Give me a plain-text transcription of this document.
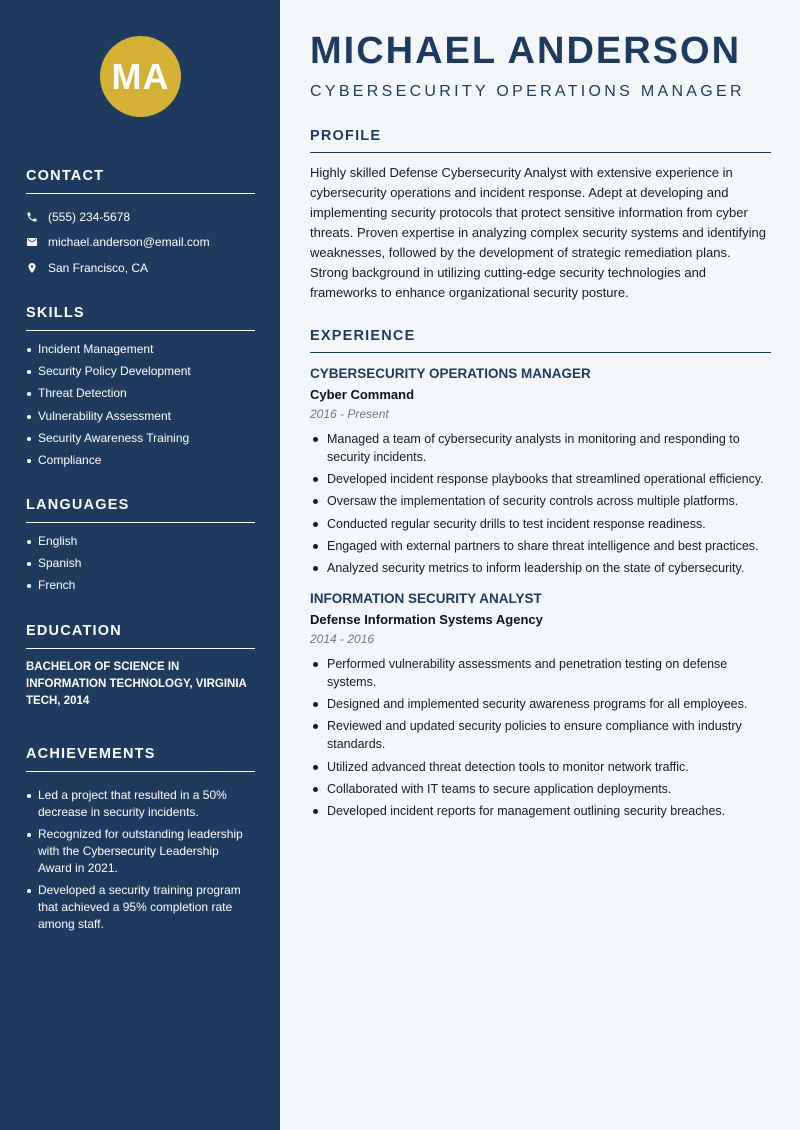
MA
CONTACT
(555) 234-5678
michael.anderson@email.com
San Francisco, CA
SKILLS
Incident Management
Security Policy Development
Threat Detection
Vulnerability Assessment
Security Awareness Training
Compliance
LANGUAGES
English
Spanish
French
EDUCATION
BACHELOR OF SCIENCE IN INFORMATION TECHNOLOGY, VIRGINIA TECH, 2014
ACHIEVEMENTS
Led a project that resulted in a 50% decrease in security incidents.
Recognized for outstanding leadership with the Cybersecurity Leadership Award in 2021.
Developed a security training program that achieved a 95% completion rate among staff.
MICHAEL ANDERSON
CYBERSECURITY OPERATIONS MANAGER
PROFILE
Highly skilled Defense Cybersecurity Analyst with extensive experience in cybersecurity operations and incident response. Adept at developing and implementing security protocols that protect sensitive information from cyber threats. Proven expertise in analyzing complex security systems and identifying weaknesses, followed by the development of strategic remediation plans. Strong background in utilizing cutting-edge security technologies and frameworks to enhance organizational security posture.
EXPERIENCE
CYBERSECURITY OPERATIONS MANAGER
Cyber Command
2016 - Present
Managed a team of cybersecurity analysts in monitoring and responding to security incidents.
Developed incident response playbooks that streamlined operational efficiency.
Oversaw the implementation of security controls across multiple platforms.
Conducted regular security drills to test incident response readiness.
Engaged with external partners to share threat intelligence and best practices.
Analyzed security metrics to inform leadership on the state of cybersecurity.
INFORMATION SECURITY ANALYST
Defense Information Systems Agency
2014 - 2016
Performed vulnerability assessments and penetration testing on defense systems.
Designed and implemented security awareness programs for all employees.
Reviewed and updated security policies to ensure compliance with industry standards.
Utilized advanced threat detection tools to monitor network traffic.
Collaborated with IT teams to secure application deployments.
Developed incident reports for management outlining security breaches.
